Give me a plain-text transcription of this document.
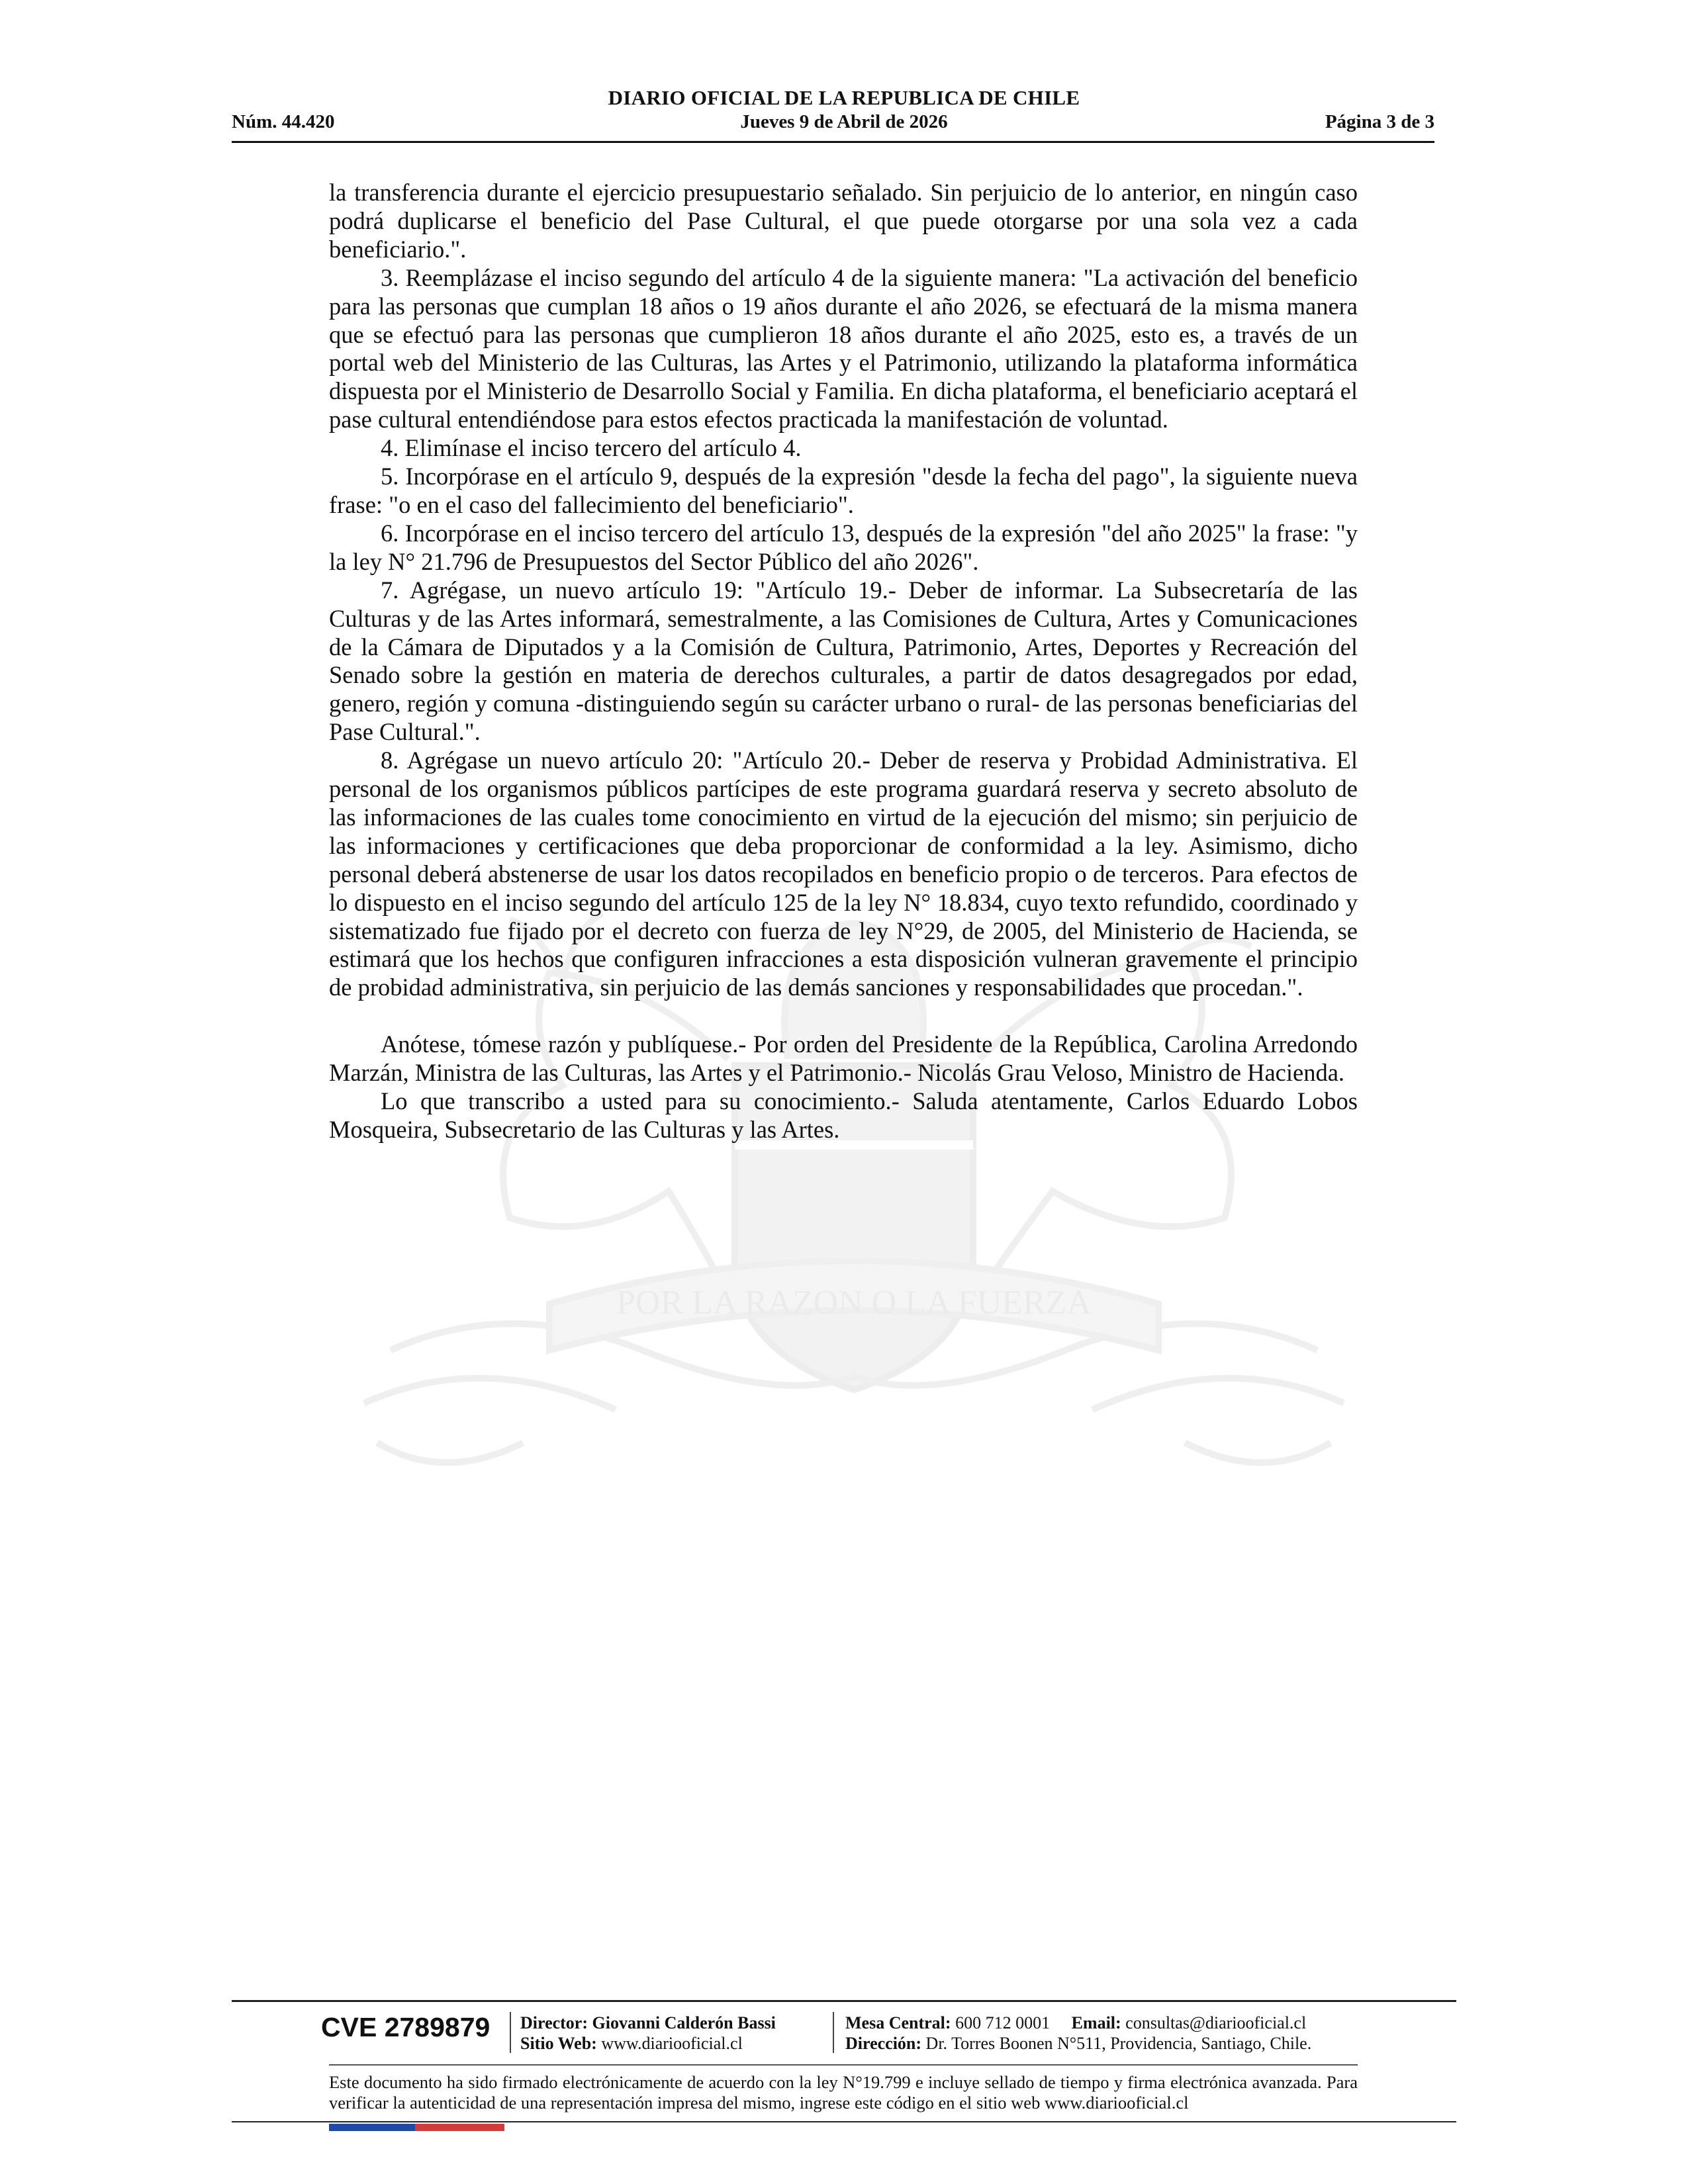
POR LA RAZON O LA FUERZA
DIARIO OFICIAL DE LA REPUBLICA DE CHILE
Núm. 44.420	Jueves 9 de Abril de 2026	Página 3 de 3

la transferencia durante el ejercicio presupuestario señalado. Sin perjuicio de lo anterior, en ningún caso podrá duplicarse el beneficio del Pase Cultural, el que puede otorgarse por una sola vez a cada beneficiario.".

3. Reemplázase el inciso segundo del artículo 4 de la siguiente manera: "La activación del beneficio para las personas que cumplan 18 años o 19 años durante el año 2026, se efectuará de la misma manera que se efectuó para las personas que cumplieron 18 años durante el año 2025, esto es, a través de un portal web del Ministerio de las Culturas, las Artes y el Patrimonio, utilizando la plataforma informática dispuesta por el Ministerio de Desarrollo Social y Familia. En dicha plataforma, el beneficiario aceptará el pase cultural entendiéndose para estos efectos practicada la manifestación de voluntad.

4. Elimínase el inciso tercero del artículo 4.

5. Incorpórase en el artículo 9, después de la expresión "desde la fecha del pago", la siguiente nueva frase: "o en el caso del fallecimiento del beneficiario".

6. Incorpórase en el inciso tercero del artículo 13, después de la expresión "del año 2025" la frase: "y la ley N° 21.796 de Presupuestos del Sector Público del año 2026".

7. Agrégase, un nuevo artículo 19: "Artículo 19.- Deber de informar. La Subsecretaría de las Culturas y de las Artes informará, semestralmente, a las Comisiones de Cultura, Artes y Comunicaciones de la Cámara de Diputados y a la Comisión de Cultura, Patrimonio, Artes, Deportes y Recreación del Senado sobre la gestión en materia de derechos culturales, a partir de datos desagregados por edad, genero, región y comuna -distinguiendo según su carácter urbano o rural- de las personas beneficiarias del Pase Cultural.".

8. Agrégase un nuevo artículo 20: "Artículo 20.- Deber de reserva y Probidad Administrativa. El personal de los organismos públicos partícipes de este programa guardará reserva y secreto absoluto de las informaciones de las cuales tome conocimiento en virtud de la ejecución del mismo; sin perjuicio de las informaciones y certificaciones que deba proporcionar de conformidad a la ley. Asimismo, dicho personal deberá abstenerse de usar los datos recopilados en beneficio propio o de terceros. Para efectos de lo dispuesto en el inciso segundo del artículo 125 de la ley N° 18.834, cuyo texto refundido, coordinado y sistematizado fue fijado por el decreto con fuerza de ley N°29, de 2005, del Ministerio de Hacienda, se estimará que los hechos que configuren infracciones a esta disposición vulneran gravemente el principio de probidad administrativa, sin perjuicio de las demás sanciones y responsabilidades que procedan.".

Anótese, tómese razón y publíquese.- Por orden del Presidente de la República, Carolina Arredondo Marzán, Ministra de las Culturas, las Artes y el Patrimonio.- Nicolás Grau Veloso, Ministro de Hacienda.

Lo que transcribo a usted para su conocimiento.- Saluda atentamente, Carlos Eduardo Lobos Mosqueira, Subsecretario de las Culturas y las Artes.

CVE 2789879 Director: Giovanni Calderón Bassi
Sitio Web: www.diariooficial.cl
Mesa Central: 600 712 0001 Email: consultas@diariooficial.cl
Dirección: Dr. Torres Boonen N°511, Providencia, Santiago, Chile.
Este documento ha sido firmado electrónicamente de acuerdo con la ley N°19.799 e incluye sellado de tiempo y firma electrónica avanzada. Para verificar la autenticidad de una representación impresa del mismo, ingrese este código en el sitio web www.diariooficial.cl
